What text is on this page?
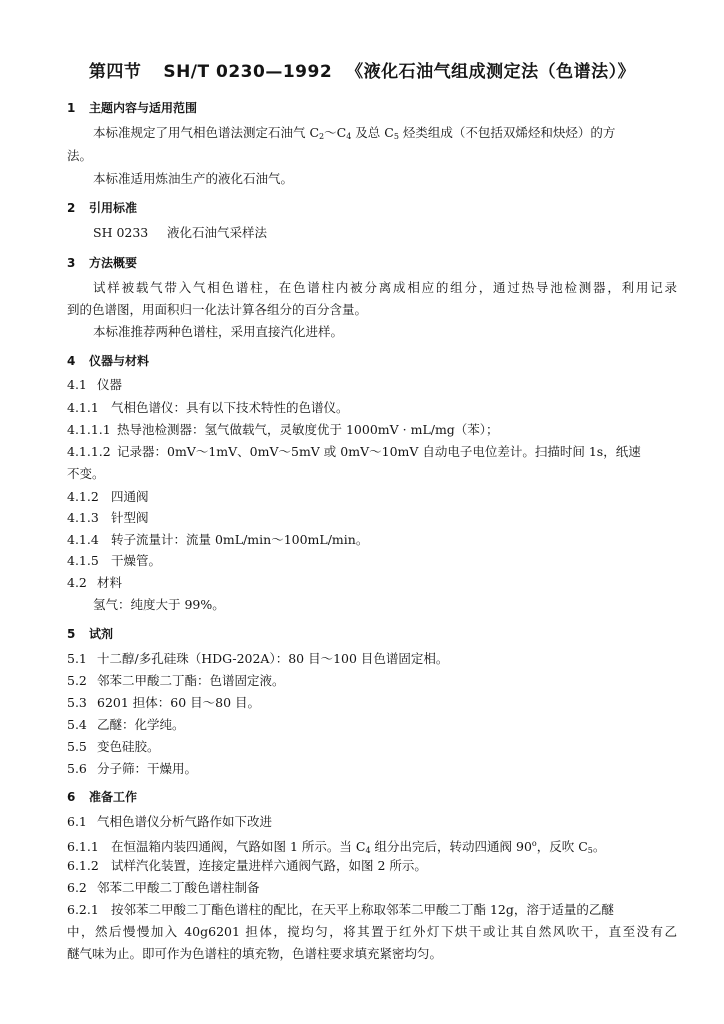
第四节 SH/T 0230—1992 《液化石油气组成测定法（色谱法）》
1 主题内容与适用范围
本标准规定了用气相色谱法测定石油气 $C_2\sim C_4$ 及总 $C_5$ 烃类组成（不包括双烯烃和炔烃）的方
法。
本标准适用炼油生产的液化石油气。
2 引用标准
SH 0233 液化石油气采样法
3 方法概要
试样被载气带入气相色谱柱，在色谱柱内被分离成相应的组分，通过热导池检测器，利用记录
到的色谱图，用面积归一化法计算各组分的百分含量。
本标准推荐两种色谱柱，采用直接汽化进样。
4 仪器与材料
4.1 仪器
4.1.1 气相色谱仪：具有以下技术特性的色谱仪。
4.1.1.1 热导池检测器：氢气做载气，灵敏度优于 1000mV · mL/mg（苯）；
4.1.1.2 记录器：0mV～1mV、0mV～5mV 或 0mV～10mV 自动电子电位差计。扫描时间 1s，纸速
不变。
4.1.2 四通阀
4.1.3 针型阀
4.1.4 转子流量计：流量 0mL/min～100mL/min。
4.1.5 干燥管。
4.2 材料
氢气：纯度大于 99%。
5 试剂
5.1 十二醇/多孔硅珠（HDG-202A）：80 目～100 目色谱固定相。
5.2 邻苯二甲酸二丁酯：色谱固定液。
5.3 6201 担体：60 目～80 目。
5.4 乙醚：化学纯。
5.5 变色硅胶。
5.6 分子筛：干燥用。
6 准备工作
6.1 气相色谱仪分析气路作如下改进
6.1.1 在恒温箱内装四通阀，气路如图 1 所示。当 $C_4$ 组分出完后，转动四通阀 90$^o$，反吹 $C_5$。
6.1.2 试样汽化装置，连接定量进样六通阀气路，如图 2 所示。
6.2 邻苯二甲酸二丁酸色谱柱制备
6.2.1 按邻苯二甲酸二丁酯色谱柱的配比，在天平上称取邻苯二甲酸二丁酯 12g，溶于适量的乙醚
中，然后慢慢加入 40g6201 担体，搅均匀，将其置于红外灯下烘干或让其自然风吹干，直至没有乙
醚气味为止。即可作为色谱柱的填充物，色谱柱要求填充紧密均匀。
